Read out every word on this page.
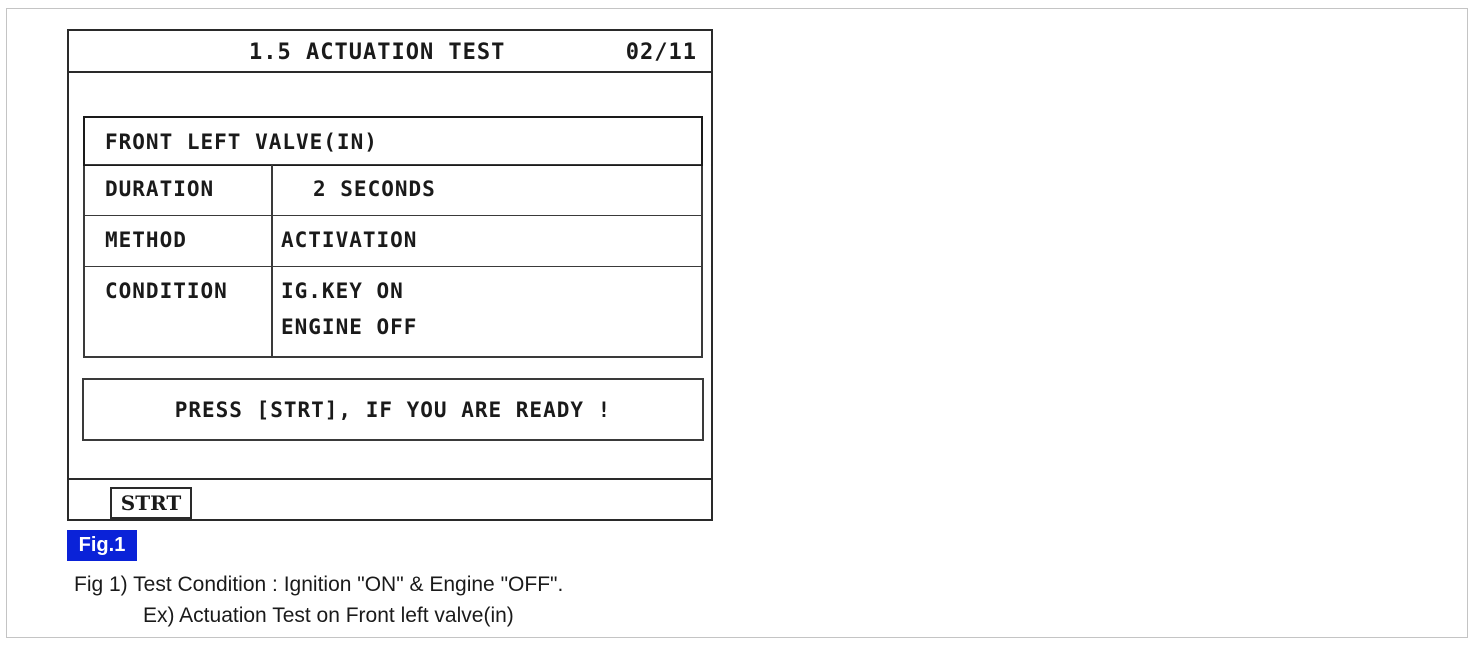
1.5 ACTUATION TEST	02/11
FRONT LEFT VALVE(IN)
DURATION	2 SECONDS
METHOD	ACTIVATION
CONDITION	IG.KEY ON
ENGINE OFF
PRESS [STRT], IF YOU ARE READY !
STRT
Fig.1
Fig 1) Test Condition : Ignition "ON" & Engine "OFF".
Ex) Actuation Test on Front left valve(in)
